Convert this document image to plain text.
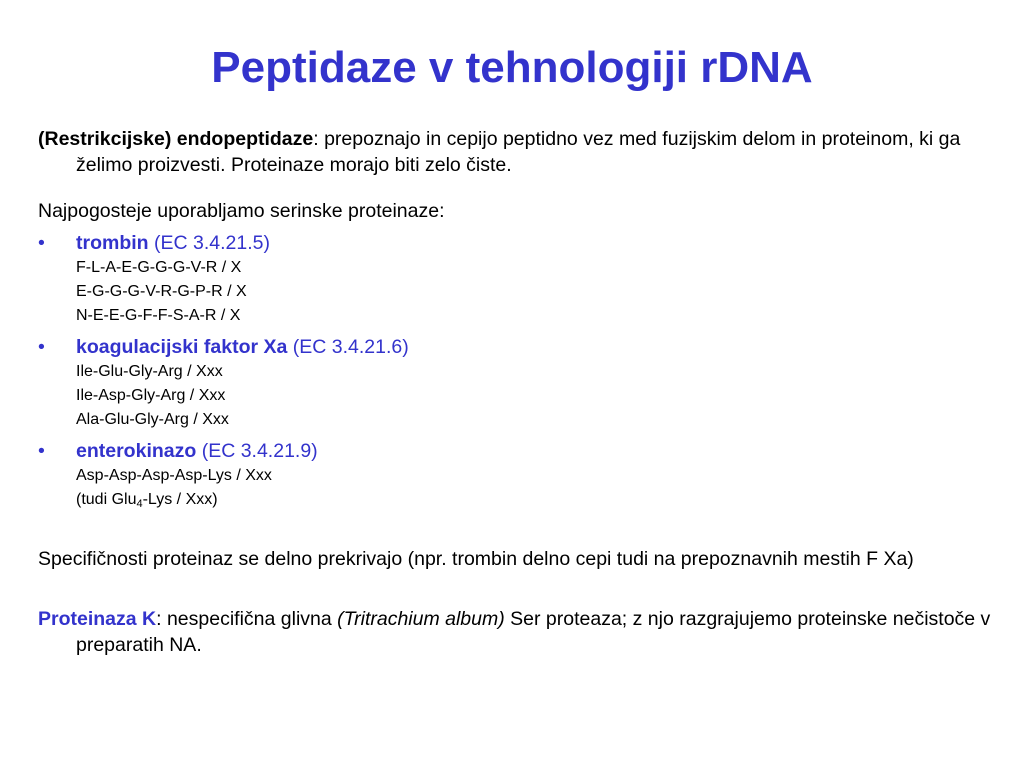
Peptidaze v tehnologiji rDNA

(Restrikcijske) endopeptidaze: prepoznajo in cepijo peptidno vez med fuzijskim delom in proteinom, ki ga želimo proizvesti. Proteinaze morajo biti zelo čiste.

Najpogosteje uporabljamo serinske proteinaze:

• trombin (EC 3.4.21.5)
F-L-A-E-G-G-G-V-R / X
E-G-G-G-V-R-G-P-R / X
N-E-E-G-F-F-S-A-R / X
• koagulacijski faktor Xa (EC 3.4.21.6)
Ile-Glu-Gly-Arg / Xxx
Ile-Asp-Gly-Arg / Xxx
Ala-Glu-Gly-Arg / Xxx
• enterokinazo (EC 3.4.21.9)
Asp-Asp-Asp-Asp-Lys / Xxx
(tudi Glu$_4$-Lys / Xxx)

Specifičnosti proteinaz se delno prekrivajo (npr. trombin delno cepi tudi na prepoznavnih mestih F Xa)

Proteinaza K: nespecifična glivna (Tritrachium album) Ser proteaza; z njo razgrajujemo proteinske nečistoče v preparatih NA.
